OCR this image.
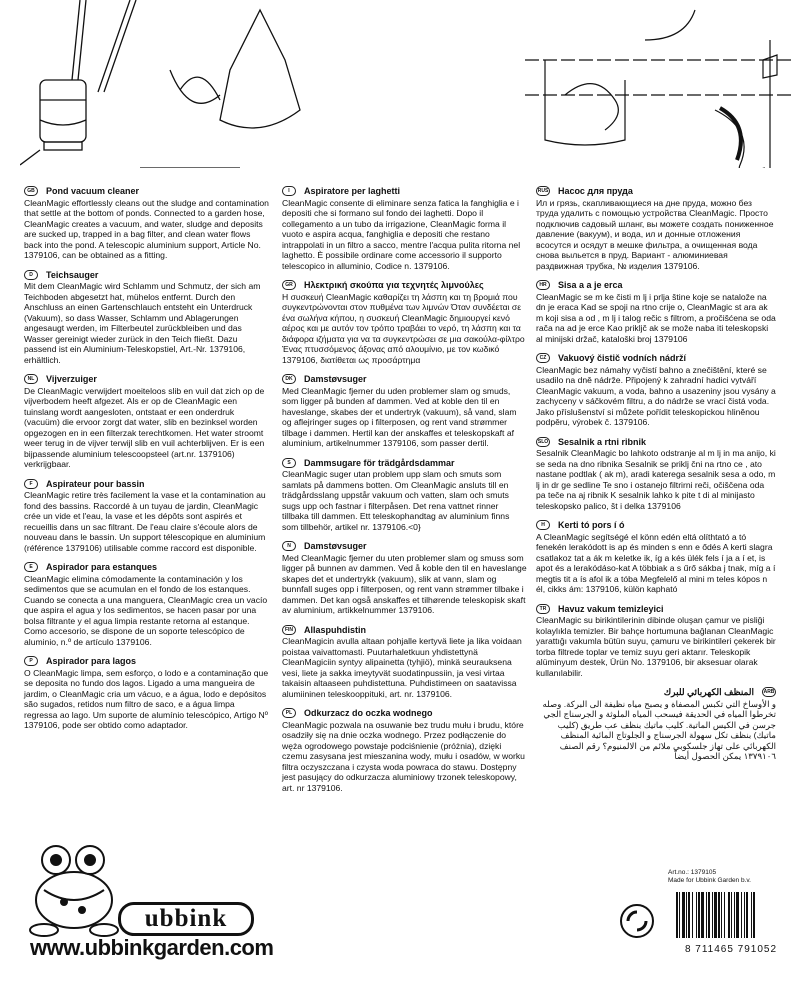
GB	Pond vacuum cleaner
CleanMagic effortlessly cleans out the sludge and contamination that settle at the bottom of ponds. Connected to a garden hose, CleanMagic creates a vacuum, and water, sludge and deposits are sucked up, trapped in a bag filter, and clean water flows back into the pond. A telescopic aluminium support, Article No. 1379106, can be obtained as a fitting.
D	Teichsauger
Mit dem CleanMagic wird Schlamm und Schmutz, der sich am Teichboden abgesetzt hat, mühelos entfernt. Durch den Anschluss an einen Gartenschlauch entsteht ein Unterdruck (Vakuum), so dass Wasser, Schlamm und Ablagerungen angesaugt werden, im Filterbeutel zurückbleiben und das Wasser gereinigt wieder zurück in den Teich fließt. Dazu passend ist ein Aluminium-Teleskopstiel, Art.-Nr. 1379106, erhältlich.
NL	Vijverzuiger
De CleanMagic verwijdert moeiteloos slib en vuil dat zich op de vijverbodem heeft afgezet. Als er op de CleanMagic een tuinslang wordt aangesloten, ontstaat er een onderdruk (vacuüm) die ervoor zorgt dat water, slib en bezinksel worden opgezogen en in een filterzak terechtkomen. Het water stroomt weer terug in de vijver terwijl slib en vuil achterblijven. Er is een bijpassende aluminium telescoopsteel (art.nr. 1379106) verkrijgbaar.
F	Aspirateur pour bassin
CleanMagic retire très facilement la vase et la contamination au fond des bassins. Raccordé à un tuyau de jardin, CleanMagic crée un vide et l'eau, la vase et les dépôts sont aspirés et recueillis dans un sac filtrant. De l'eau claire s'écoule alors de nouveau dans le bassin. Un support télescopique en aluminium (référence 1379106) utilisable comme raccord est disponible.
E	Aspirador para estanques
CleanMagic elimina cómodamente la contaminación y los sedimentos que se acumulan en el fondo de los estanques. Cuando se conecta a una manguera, CleanMagic crea un vacío que aspira el agua y los sedimentos, se hacen pasar por una bolsa filtrante y el agua limpia restante retorna al estanque. Como accesorio, se dispone de un soporte telescópico de aluminio, n.º de artículo 1379106.
P	Aspirador para lagos
O CleanMagic limpa, sem esforço, o lodo e a contaminação que se deposita no fundo dos lagos. Ligado a uma mangueira de jardim, o CleanMagic cria um vácuo, e a água, lodo e depósitos são sugados, retidos num filtro de saco, e a água limpa regressa ao lago. Um suporte de alumínio telescópico, Artigo Nº 1379106, pode ser obtido como adaptador.
I	Aspiratore per laghetti
CleanMagic consente di eliminare senza fatica la fanghiglia e i depositi che si formano sul fondo dei laghetti. Dopo il collegamento a un tubo da irrigazione, CleanMagic forma il vuoto e aspira acqua, fanghiglia e depositi che restano intrappolati in un filtro a sacco, mentre l'acqua pulita ritorna nel laghetto. È possibile ordinare come accessorio il supporto telescopico in alluminio, Codice n. 1379106.
GR	Ηλεκτρική σκούπα για τεχνητές λιμνούλες
Η συσκευή CleanMagic καθαρίζει τη λάσπη και τη βρομιά που συγκεντρώνονται στον πυθμένα των λιμνών Όταν συνδέεται σε ένα σωλήνα κήπου, η συσκευή CleanMagic δημιουργεί κενό αέρος και με αυτόν τον τρόπο τραβάει το νερό, τη λάσπη και τα διάφορα ιζήματα για να τα συγκεντρώσει σε μια σακούλα-φίλτρο Ένας πτυσσόμενος άξονας από αλουμίνιο, με τον κωδικό 1379106, διατίθεται ως προσάρτημα
DK	Damstøvsuger
Med CleanMagic fjerner du uden problemer slam og smuds, som ligger på bunden af dammen. Ved at koble den til en haveslange, skabes der et undertryk (vakuum), så vand, slam og aflejringer suges op i filterposen, og rent vand strømmer tilbage i dammen. Hertil kan der anskaffes et teleskopskaft af aluminium, artikelnummer 1379106, som passer dertil.
S	Dammsugare för trädgårdsdammar
CleanMagic suger utan problem upp slam och smuts som samlats på dammens botten. Om CleanMagic ansluts till en trädgårdsslang uppstår vakuum och vatten, slam och smuts sugs upp och fastnar i filterpåsen. Det rena vattnet rinner tillbaka till dammen. Ett teleskophandtag av aluminium finns som tillbehör, artikel nr. 1379106.<0}
N	Damstøvsuger
Med CleanMagic fjerner du uten problemer slam og smuss som ligger på bunnen av dammen. Ved å koble den til en haveslange skapes det et undertrykk (vakuum), slik at vann, slam og bunnfall suges opp i filterposen, og rent vann strømmer tilbake i dammen. Det kan også anskaffes et tilhørende teleskopisk skaft av aluminium, artikkelnummer 1379106.
FIN	Allaspuhdistin
CleanMagicin avulla altaan pohjalle kertyvä liete ja lika voidaan poistaa vaivattomasti. Puutarhaletkuun yhdistettynä CleanMagiciin syntyy alipainetta (tyhjiö), minkä seurauksena vesi, liete ja sakka imeytyvät suodatinpussiin, ja vesi virtaa takaisin altaaseen puhdistettuna. Puhdistimeen on saatavissa alumiininen teleskooppituki, art. nr. 1379106.
PL	Odkurzacz do oczka wodnego
CleanMagic pozwala na osuwanie bez trudu mułu i brudu, które osadziły się na dnie oczka wodnego. Przez podłączenie do węża ogrodowego powstaje podciśnienie (próżnia), dzięki czemu zasysana jest mieszanina wody, mułu i osadów, w worku filtra oczyszczana i czysta woda powraca do stawu. Dostępny jest pasujący do odkurzacza aluminiowy trzonek teleskopowy, art. nr 1379106.
RUS Насос для пруда
Ил и грязь, скапливающиеся на дне пруда, можно без труда удалить с помощью устройства CleanMagic. Просто подключив садовый шланг, вы можете создать пониженное давление (вакуум), и вода, ил и донные отложения всосутся и осядут в мешке фильтра, а очищенная вода снова выльется в пруд. Вариант - алюминиевая раздвижная трубка, № изделия 1379106.
HR	Sisa a a je erca
CleanMagic se m ke čisti m lj i prlja štine koje se natalože na dn je eraca Kad se spoji na rtno crije o, CleanMagic st ara ak m koji sisa a od , m lj i talog rečic s filtrom, a pročišćena se oda rača na ad je erce Kao prikljč ak se može naba iti teleskopski al minijski držač, kataloški broj 1379106
CZ	Vakuový čistič vodních nádrží
CleanMagic bez námahy vyčistí bahno a znečištění, které se usadilo na dně nádrže. Připojený k zahradní hadici vytváří CleanMagic vakuum, a voda, bahno a usazeniny jsou vysány a zachyceny v sáčkovém filtru, a do nádrže se vrací čistá voda. Jako příslušenství si můžete pořídit teleskopickou hliněnou podpěru, výrobek č. 1379106.
SLO Sesalnik a rtni ribnik
Sesalnik CleanMagic bo lahkoto odstranje al m lj in ma anijo, ki se seda na dno ribnika Sesalnik se priklj čni na rtno ce , ato nastane podtlak ( ak m), aradi katerega sesalnik sesa a odo, m lj in dr ge sedline Te sno i ostanejo filtrirni reči, očiščena oda pa teče na aj ribnik K sesalnik lahko k pite t di al minijasto teleskopsko palico, št i delka 1379106
H	Kerti tó pors í ó
A CleanMagic segítségé el könn edén eltá olíthtató a tó fenekén lerakódott is ap és minden s enn e ődés A kerti slagra csatlakoz tat a ák m keletke ik, íg a kés ülék fels í ja a í et, is apot és a lerakódáso-kat A többiak a s űrő sákba j tnak, míg a í megtis tit a ís afol ik a tóba Megfelelő al mini m teles kópos n él, cikks ám: 1379106, külön kapható
TR	Havuz vakum temizleyici
CleanMagic su birikintilerinin dibinde oluşan çamur ve pisliği kolaylıkla temizler. Bir bahçe hortumuna bağlanan CleanMagic yarattığı vakumla bütün suyu, çamuru ve birikintileri çekerek bir torba filtrede toplar ve temiz suyu geri aktarır. Teleskopik alüminyum destek, Ürün No. 1379106, bir aksesuar olarak kullanılabilir.
ARB
المنظف الكهربائي للبرك
و الأوساخ التي تكبس المصفاة و يصبح مياه نظيفة الى البركة. وصله تخرطوا المياه في الحديقة فيسحب المياه الملوثة و الجرسناج الجي جرسن في الكيس الماتية. كليب ماتيك بنظف عب طريق (كليب ماتيك) بنظف تكل سهولة الجرسناج و الجلوتاج المائية المنظف الكهربائي على تهاز جلسكوبي ملائم من الالمنيوم؟ رقم الصنف ١٣٧٩١٠٦ يمكن الحصول أيضاً
ubbink
www.ubbinkgarden.com
Art.no.: 1379105
Made for Ubbink Garden b.v.
8 711465 791052
